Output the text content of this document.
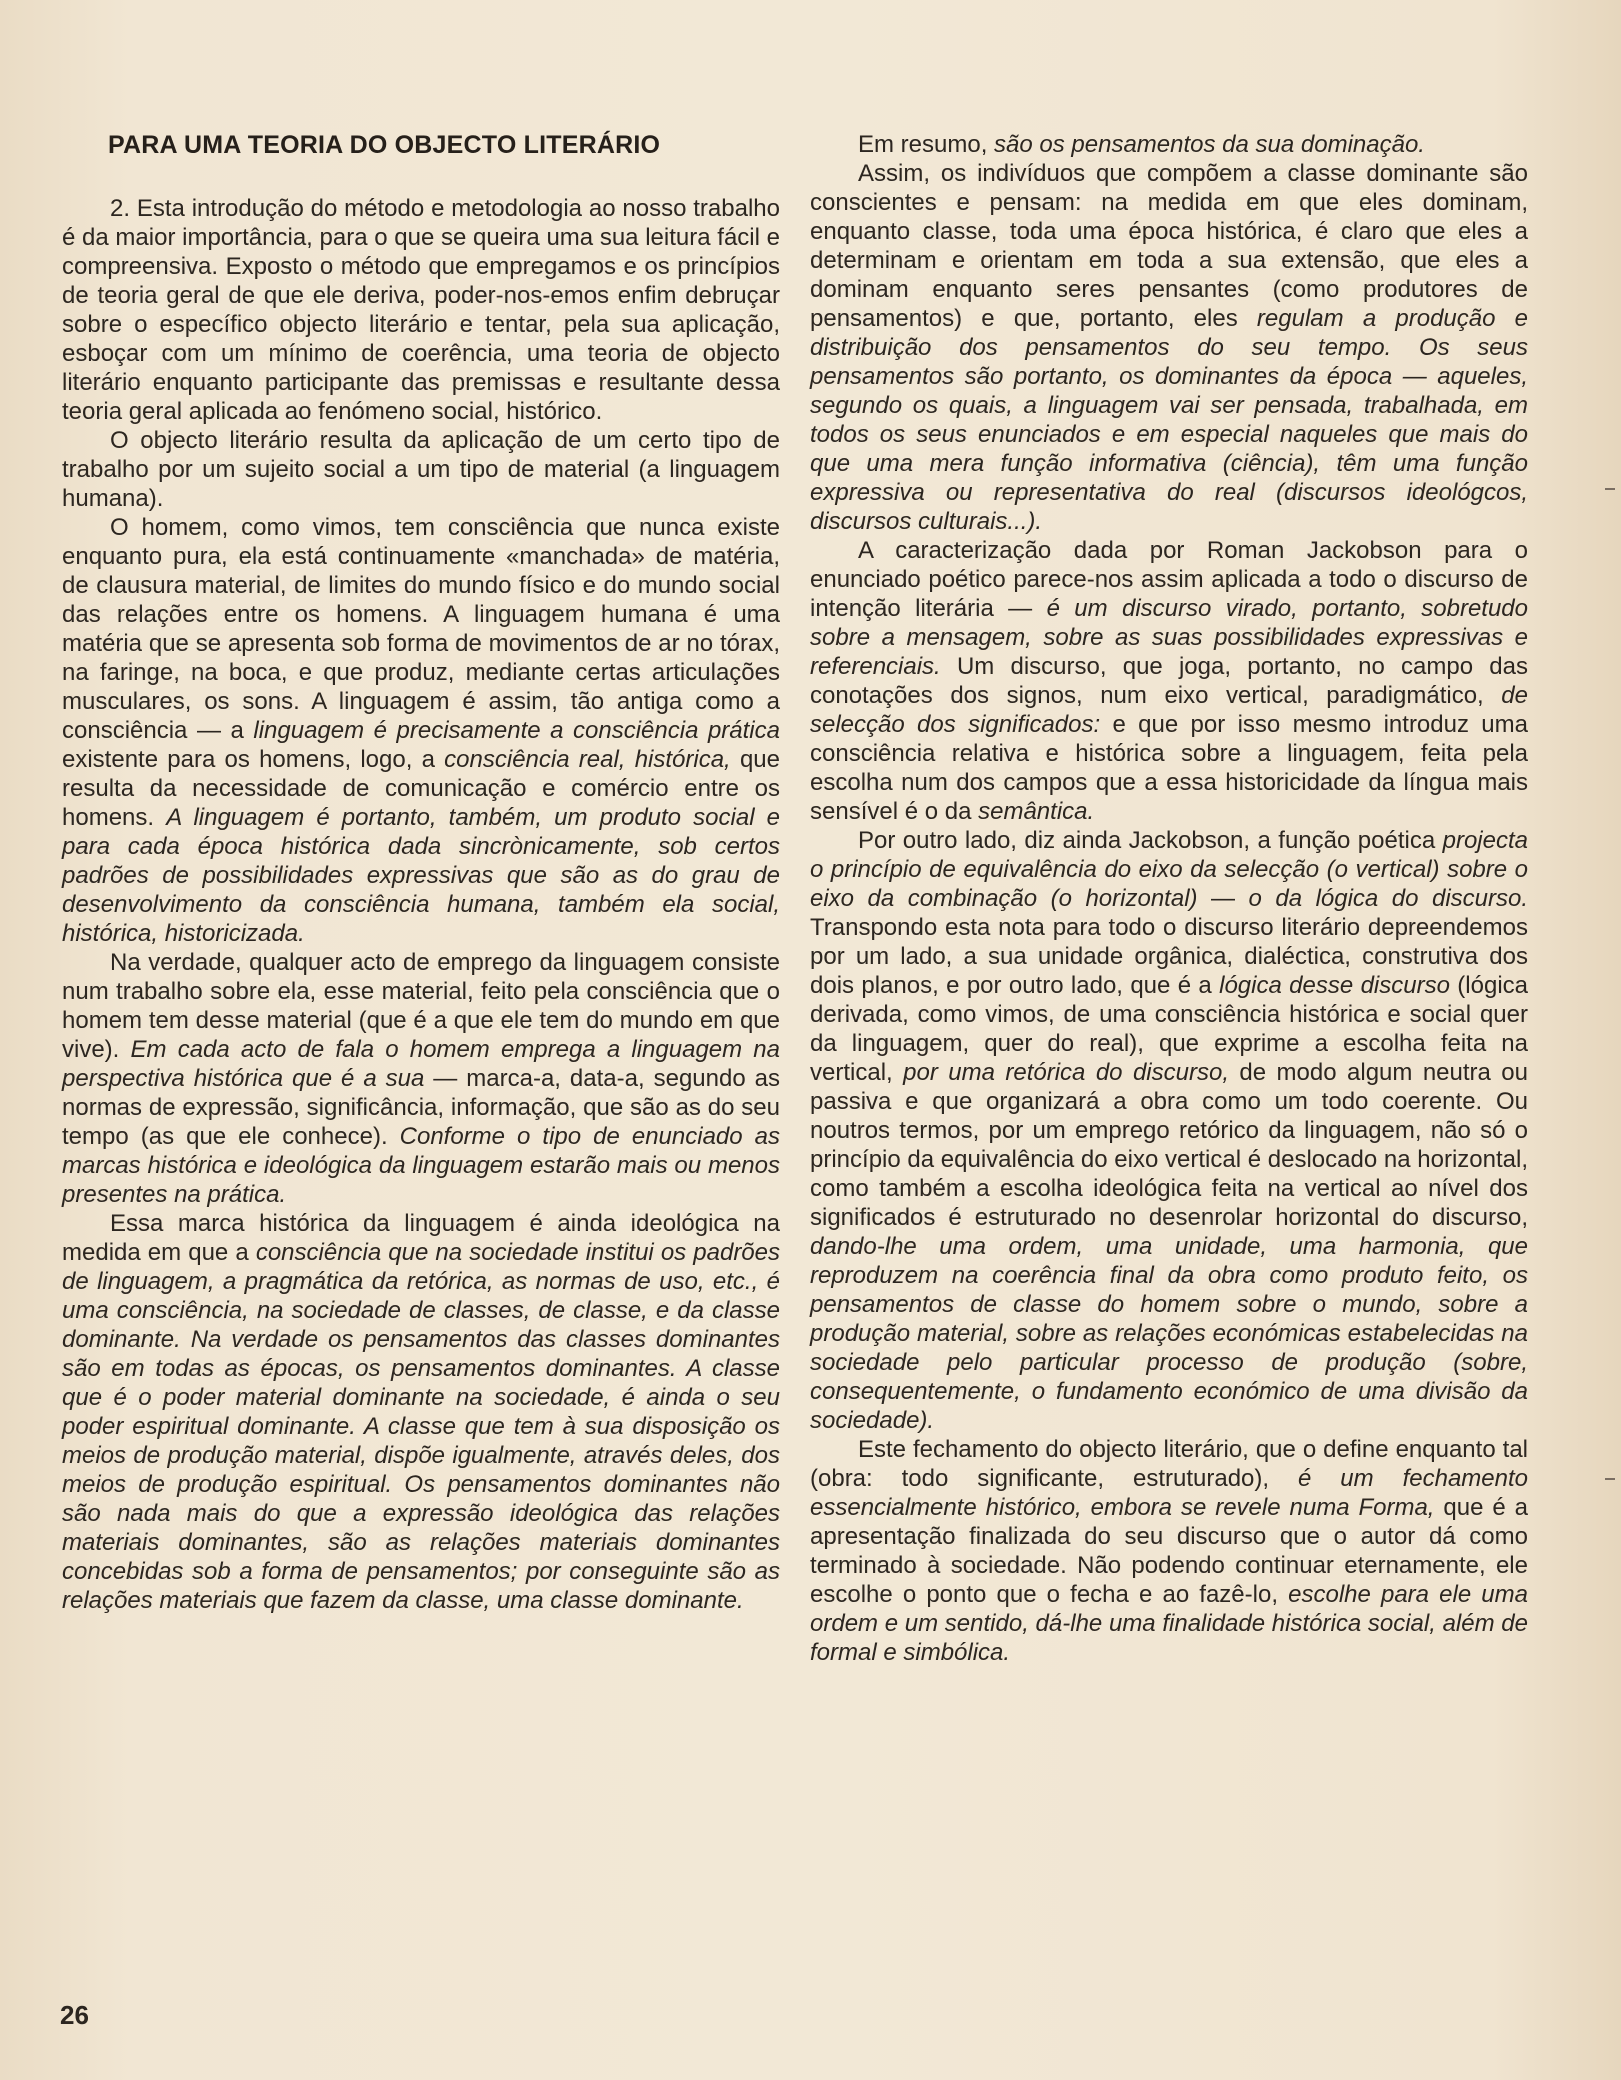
PARA UMA TEORIA DO OBJECTO LITERÁRIO

2. Esta introdução do método e metodologia ao nosso trabalho é da maior importância, para o que se queira uma sua leitura fácil e compreensiva. Exposto o método que empregamos e os princípios de teoria geral de que ele deriva, poder-nos-emos enfim debruçar sobre o específico objecto literário e tentar, pela sua aplicação, esboçar com um mínimo de coerência, uma teoria de objecto literário enquanto participante das premissas e resultante dessa teoria geral aplicada ao fenómeno social, histórico.

O objecto literário resulta da aplicação de um certo tipo de trabalho por um sujeito social a um tipo de material (a linguagem humana).

O homem, como vimos, tem consciência que nunca existe enquanto pura, ela está continuamente «manchada» de matéria, de clausura material, de limites do mundo físico e do mundo social das relações entre os homens. A linguagem humana é uma matéria que se apresenta sob forma de movimentos de ar no tórax, na faringe, na boca, e que produz, mediante certas articulações musculares, os sons. A linguagem é assim, tão antiga como a consciência — a linguagem é precisamente a consciência prática existente para os homens, logo, a consciência real, histórica, que resulta da necessidade de comunicação e comércio entre os homens. A linguagem é portanto, também, um produto social e para cada época histórica dada sincrònicamente, sob certos padrões de possibilidades expressivas que são as do grau de desenvolvimento da consciência humana, também ela social, histórica, historicizada.

Na verdade, qualquer acto de emprego da linguagem consiste num trabalho sobre ela, esse material, feito pela consciência que o homem tem desse material (que é a que ele tem do mundo em que vive). Em cada acto de fala o homem emprega a linguagem na perspectiva histórica que é a sua — marca-a, data-a, segundo as normas de expressão, significância, informação, que são as do seu tempo (as que ele conhece). Conforme o tipo de enunciado as marcas histórica e ideológica da linguagem estarão mais ou menos presentes na prática.

Essa marca histórica da linguagem é ainda ideológica na medida em que a consciência que na sociedade institui os padrões de linguagem, a pragmática da retórica, as normas de uso, etc., é uma consciência, na sociedade de classes, de classe, e da classe dominante. Na verdade os pensamentos das classes dominantes são em todas as épocas, os pensamentos dominantes. A classe que é o poder material dominante na sociedade, é ainda o seu poder espiritual dominante. A classe que tem à sua disposição os meios de produção material, dispõe igualmente, através deles, dos meios de produção espiritual. Os pensamentos dominantes não são nada mais do que a expressão ideológica das relações materiais dominantes, são as relações materiais dominantes concebidas sob a forma de pensamentos; por conseguinte são as relações materiais que fazem da classe, uma classe dominante.

Em resumo, são os pensamentos da sua dominação.

Assim, os indivíduos que compõem a classe dominante são conscientes e pensam: na medida em que eles dominam, enquanto classe, toda uma época histórica, é claro que eles a determinam e orientam em toda a sua extensão, que eles a dominam enquanto seres pensantes (como produtores de pensamentos) e que, portanto, eles regulam a produção e distribuição dos pensamentos do seu tempo. Os seus pensamentos são portanto, os dominantes da época — aqueles, segundo os quais, a linguagem vai ser pensada, trabalhada, em todos os seus enunciados e em especial naqueles que mais do que uma mera função informativa (ciência), têm uma função expressiva ou representativa do real (discursos ideológcos, discursos culturais...).

A caracterização dada por Roman Jackobson para o enunciado poético parece-nos assim aplicada a todo o discurso de intenção literária — é um discurso virado, portanto, sobretudo sobre a mensagem, sobre as suas possibilidades expressivas e referenciais. Um discurso, que joga, portanto, no campo das conotações dos signos, num eixo vertical, paradigmático, de selecção dos significados: e que por isso mesmo introduz uma consciência relativa e histórica sobre a linguagem, feita pela escolha num dos campos que a essa historicidade da língua mais sensível é o da semântica.

Por outro lado, diz ainda Jackobson, a função poética projecta o princípio de equivalência do eixo da selecção (o vertical) sobre o eixo da combinação (o horizontal) — o da lógica do discurso. Transpondo esta nota para todo o discurso literário depreendemos por um lado, a sua unidade orgânica, dialéctica, construtiva dos dois planos, e por outro lado, que é a lógica desse discurso (lógica derivada, como vimos, de uma consciência histórica e social quer da linguagem, quer do real), que exprime a escolha feita na vertical, por uma retórica do discurso, de modo algum neutra ou passiva e que organizará a obra como um todo coerente. Ou noutros termos, por um emprego retórico da linguagem, não só o princípio da equivalência do eixo vertical é deslocado na horizontal, como também a escolha ideológica feita na vertical ao nível dos significados é estruturado no desenrolar horizontal do discurso, dando-lhe uma ordem, uma unidade, uma harmonia, que reproduzem na coerência final da obra como produto feito, os pensamentos de classe do homem sobre o mundo, sobre a produção material, sobre as relações económicas estabelecidas na sociedade pelo particular processo de produção (sobre, consequentemente, o fundamento económico de uma divisão da sociedade).

Este fechamento do objecto literário, que o define enquanto tal (obra: todo significante, estruturado), é um fechamento essencialmente histórico, embora se revele numa Forma, que é a apresentação finalizada do seu discurso que o autor dá como terminado à sociedade. Não podendo continuar eternamente, ele escolhe o ponto que o fecha e ao fazê-lo, escolhe para ele uma ordem e um sentido, dá-lhe uma finalidade histórica social, além de formal e simbólica.

26
